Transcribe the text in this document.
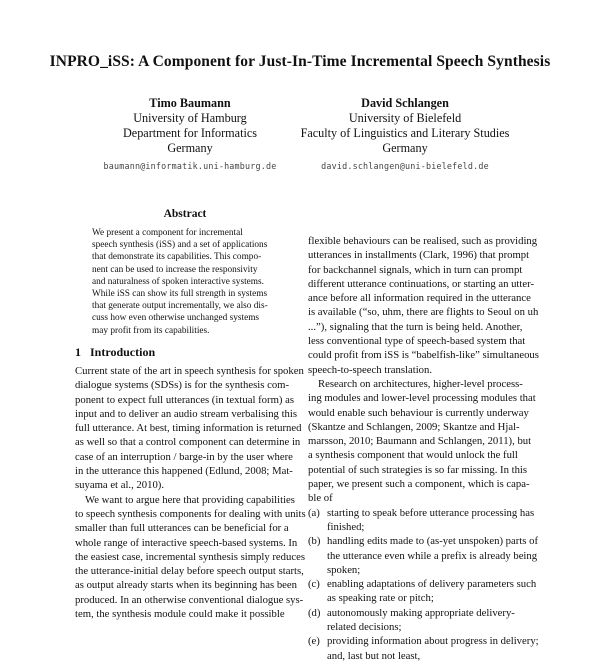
INPRO_iSS: A Component for Just-In-Time Incremental Speech Synthesis
Timo Baumann
University of Hamburg
Department for Informatics
Germany
baumann@informatik.uni-hamburg.de
David Schlangen
University of Bielefeld
Faculty of Linguistics and Literary Studies
Germany
david.schlangen@uni-bielefeld.de
Abstract
We present a component for incremental
speech synthesis (iSS) and a set of applications
that demonstrate its capabilities. This compo-
nent can be used to increase the responsivity
and naturalness of spoken interactive systems.
While iSS can show its full strength in systems
that generate output incrementally, we also dis-
cuss how even otherwise unchanged systems
may profit from its capabilities.
1 Introduction
Current state of the art in speech synthesis for spoken
dialogue systems (SDSs) is for the synthesis com-
ponent to expect full utterances (in textual form) as
input and to deliver an audio stream verbalising this
full utterance. At best, timing information is returned
as well so that a control component can determine in
case of an interruption / barge-in by the user where
in the utterance this happened (Edlund, 2008; Mat-
suyama et al., 2010).
We want to argue here that providing capabilities
to speech synthesis components for dealing with units
smaller than full utterances can be beneficial for a
whole range of interactive speech-based systems. In
the easiest case, incremental synthesis simply reduces
the utterance-initial delay before speech output starts,
as output already starts when its beginning has been
produced. In an otherwise conventional dialogue sys-
tem, the synthesis module could make it possible
flexible behaviours can be realised, such as providing
utterances in installments (Clark, 1996) that prompt
for backchannel signals, which in turn can prompt
different utterance continuations, or starting an utter-
ance before all information required in the utterance
is available (“so, uhm, there are flights to Seoul on uh
...”), signaling that the turn is being held. Another,
less conventional type of speech-based system that
could profit from iSS is “babelfish-like” simultaneous
speech-to-speech translation.
Research on architectures, higher-level process-
ing modules and lower-level processing modules that
would enable such behaviour is currently underway
(Skantze and Schlangen, 2009; Skantze and Hjal-
marsson, 2010; Baumann and Schlangen, 2011), but
a synthesis component that would unlock the full
potential of such strategies is so far missing. In this
paper, we present such a component, which is capa-
ble of
(a) starting to speak before utterance processing has
finished;
(b) handling edits made to (as-yet unspoken) parts of
the utterance even while a prefix is already being
spoken;
(c) enabling adaptations of delivery parameters such
as speaking rate or pitch;
(d) autonomously making appropriate delivery-
related decisions;
(e) providing information about progress in delivery;
and, last but not least,
